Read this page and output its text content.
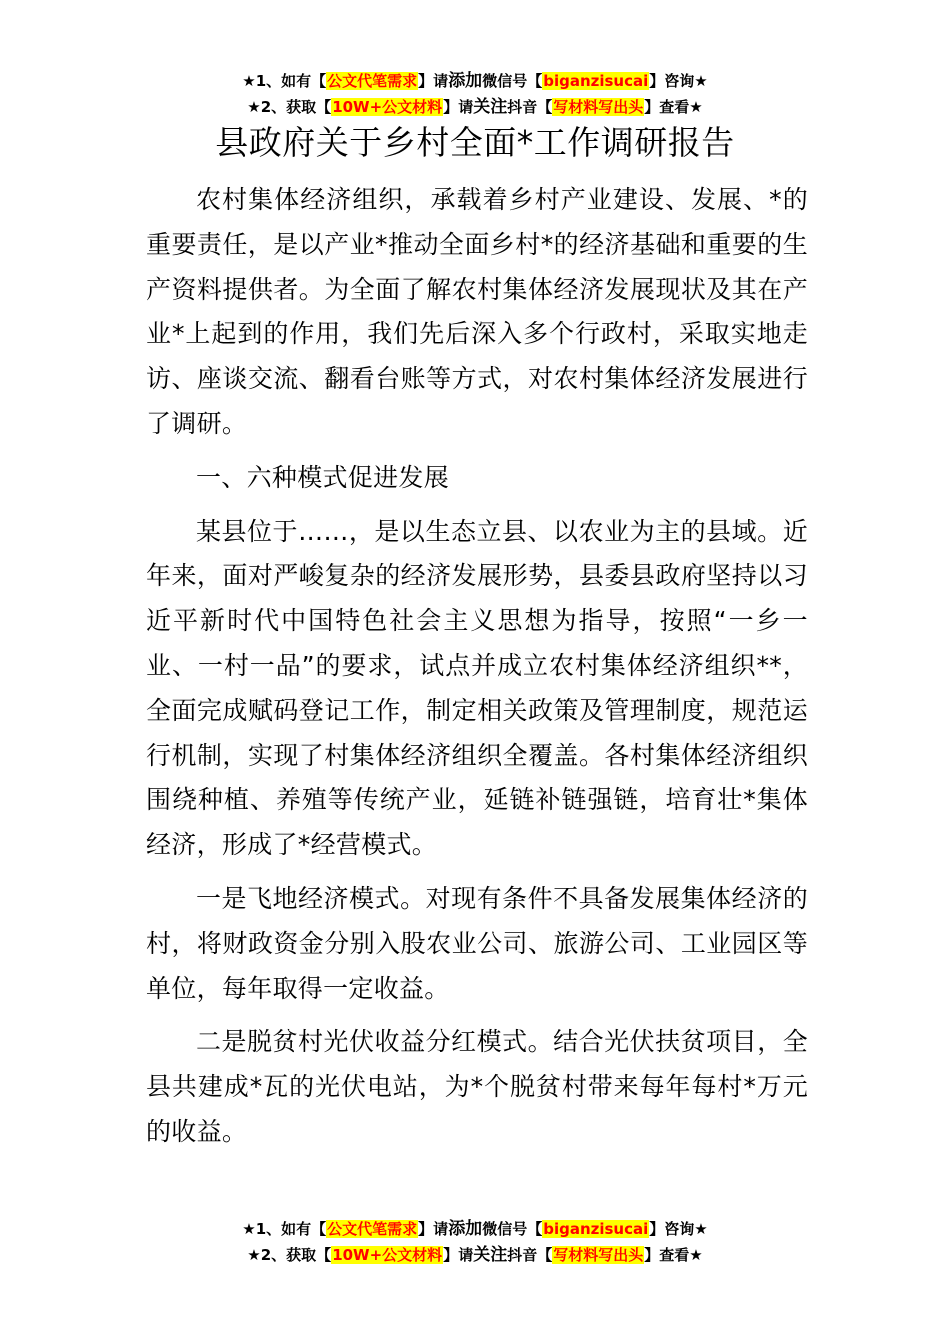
★1、如有【公文代笔需求】请添加微信号【biganzisucai】咨询★
★2、获取【10W+公文材料】请关注抖音【写材料写出头】查看★
县政府关于乡村全面*工作调研报告

农村集体经济组织，承载着乡村产业建设、发展、*的重要责任，是以产业*推动全面乡村*的经济基础和重要的生产资料提供者。为全面了解农村集体经济发展现状及其在产业*上起到的作用，我们先后深入多个行政村，采取实地走访、座谈交流、翻看台账等方式，对农村集体经济发展进行了调研。

一、六种模式促进发展

某县位于……，是以生态立县、以农业为主的县域。近年来，面对严峻复杂的经济发展形势，县委县政府坚持以习近平新时代中国特色社会主义思想为指导，按照“一乡一业、一村一品”的要求，试点并成立农村集体经济组织**，全面完成赋码登记工作，制定相关政策及管理制度，规范运行机制，实现了村集体经济组织全覆盖。各村集体经济组织围绕种植、养殖等传统产业，延链补链强链，培育壮*集体经济，形成了*经营模式。

一是飞地经济模式。对现有条件不具备发展集体经济的村，将财政资金分别入股农业公司、旅游公司、工业园区等单位，每年取得一定收益。

二是脱贫村光伏收益分红模式。结合光伏扶贫项目，全县共建成*瓦的光伏电站，为*个脱贫村带来每年每村*万元的收益。

★1、如有【公文代笔需求】请添加微信号【biganzisucai】咨询★
★2、获取【10W+公文材料】请关注抖音【写材料写出头】查看★
